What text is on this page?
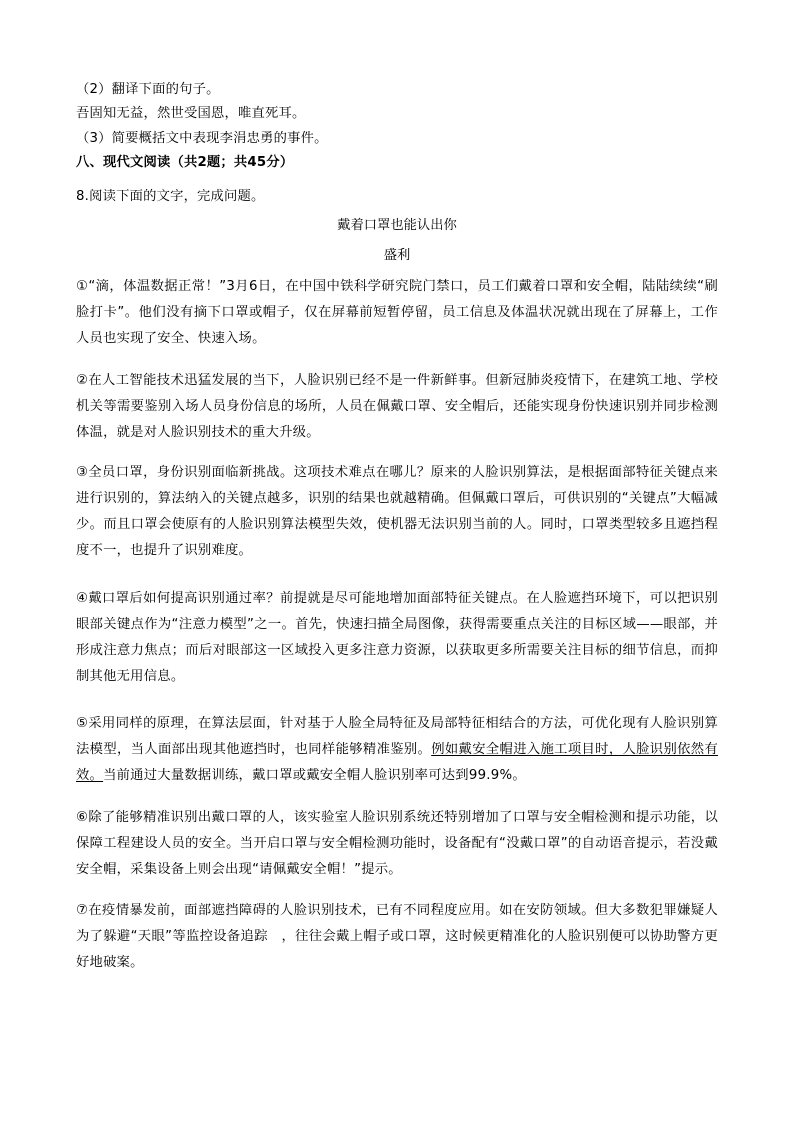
（2）翻译下面的句子。
吾固知无益，然世受国恩，唯直死耳。
（3）简要概括文中表现李涓忠勇的事件。
八、现代文阅读（共2题；共45分）
8.阅读下面的文字，完成问题。
戴着口罩也能认出你
盛利
①“滴，体温数据正常！”3月6日，在中国中铁科学研究院门禁口，员工们戴着口罩和安全帽，陆陆续续“刷脸打卡”。他们没有摘下口罩或帽子，仅在屏幕前短暂停留，员工信息及体温状况就出现在了屏幕上，工作人员也实现了安全、快速入场。
②在人工智能技术迅猛发展的当下，人脸识别已经不是一件新鲜事。但新冠肺炎疫情下，在建筑工地、学校机关等需要鉴别入场人员身份信息的场所，人员在佩戴口罩、安全帽后，还能实现身份快速识别并同步检测体温，就是对人脸识别技术的重大升级。
③全员口罩，身份识别面临新挑战。这项技术难点在哪儿？原来的人脸识别算法，是根据面部特征关键点来进行识别的，算法纳入的关键点越多，识别的结果也就越精确。但佩戴口罩后，可供识别的“关键点”大幅减少。而且口罩会使原有的人脸识别算法模型失效，使机器无法识别当前的人。同时，口罩类型较多且遮挡程度不一，也提升了识别难度。
④戴口罩后如何提高识别通过率？前提就是尽可能地增加面部特征关键点。在人脸遮挡环境下，可以把识别眼部关键点作为“注意力模型”之一。首先，快速扫描全局图像，获得需要重点关注的目标区域——眼部，并形成注意力焦点；而后对眼部这一区域投入更多注意力资源，以获取更多所需要关注目标的细节信息，而抑制其他无用信息。
⑤采用同样的原理，在算法层面，针对基于人脸全局特征及局部特征相结合的方法，可优化现有人脸识别算法模型，当人面部出现其他遮挡时，也同样能够精准鉴别。例如戴安全帽进入施工项目时，人脸识别依然有效。当前通过大量数据训练，戴口罩或戴安全帽人脸识别率可达到99.9%。
⑥除了能够精准识别出戴口罩的人，该实验室人脸识别系统还特别增加了口罩与安全帽检测和提示功能，以保障工程建设人员的安全。当开启口罩与安全帽检测功能时，设备配有“没戴口罩”的自动语音提示，若没戴安全帽，采集设备上则会出现“请佩戴安全帽！”提示。
⑦在疫情暴发前，面部遮挡障碍的人脸识别技术，已有不同程度应用。如在安防领域。但大多数犯罪嫌疑人为了躲避“天眼”等监控设备追踪　，往往会戴上帽子或口罩，这时候更精准化的人脸识别便可以协助警方更好地破案。
